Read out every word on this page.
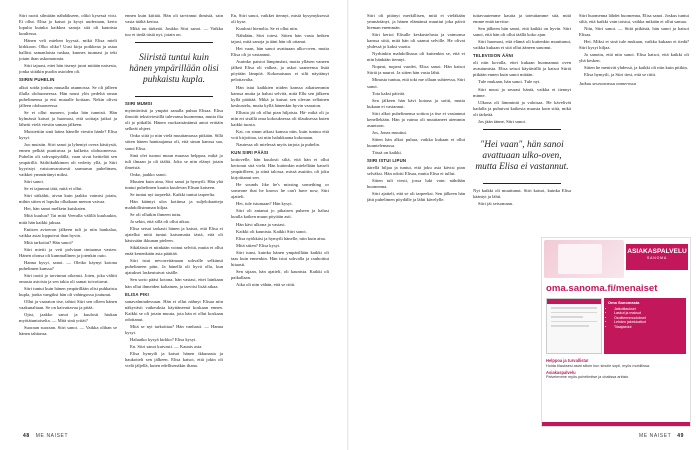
Siiri raotti silmiään nähdäkseen, olikö kysessä vitsi. Ei ollut. Elisa jo katsoi ja kysyi uudestaan, kerto lopulta kuinka kaikkea sanoja sitä oli kaunista kuuliessa.

Hänen veli miehen kyyssä, mikä Elisa mieli kirkkoon. Olko oliko? Uusi kirja poikkeaa ja asiaa hallitsi samanlaista tuskaa, kunnes tuumasi ja teki jotain ihan uskomatonta.

Siiri tajuasi, ettei hän itsenyt juuri mitään naisesta, jonka siitäkin puolin asioiden oli.

SIIRIN PUHELIN

alkoi soida joskus muualla asunnossa. Se oli jälleen illalla olohuoneessa. Hän nousi ylös pedeltä oman puhelimensa ja etsi muualle kotiaan. Nekin olivat jälleen olohuoneessa.

Se ei ollut numero, jonka hän tunnisti. Hän kylmässä katsoi ja huomasi, että soittaja jatkoi ja lähetti vielä viestin saman jälkeen.

Muistettiin sinä lattea hänelle viestin hänle? Elisa kysyi.

Joo muistin. Siiri sanoi ja lyhentyi overa käsitystä, ennen pelkää puuttuvaa ja kulkeita olohuoneessa. Puhelin oli sohvapöydällä, vaan sivut heittelää sen ympärillä. Säiliökahkimen oli vedetty yllä, ja Siiri kyyristyi vaistonvaraisesti sarmarun puhelimen, vaikkei ymmärtänyt miksi.

Siiri sanoi.

Se ei tajunnut tätä, mitä ei ollut.

Siiri säikähti, aivan kuin jaakko vaimisi jotain, mihin sitten ei lopulta ollutkaan menon vaivaa.

Hei, hän sanoi melkein kuiskaten.

Mitä kuuluu? Tai mitä Veeralla välillä kuuluukin, mitä hän kaikki jaksaa.

Entisen avioeron jälkeen tuli jo niin hankalaa, vaikka asiat loppuivat ihan hyvin.

Mitä tarkoitat? Hän sanoi?

Siiri mietti ja veti polviaan rintaansa vasten. Hänen olonsa oli kummallinen ja jotenkin outo.

Hanna kysyi, sanoi. — Oletko käynyt kotona puhelimen kanssa?

Siiri raotti jo tarvinnut oikeasti. Joten, joka välitti omasta asioista ja sen takia oli samat toivottavat.

Siiri tuntui kuin hänen ympärillään olisi puhkaistu kupla, jonka vangiksi hän oli vahingossa joutunut.

Ollut ja vaaraton itse, tahtoi Siiri sen olleen hänen vaakunaltaan. Se on kaivattavaa ja pitää.

Ojist, jaakko sanoi ja kuulosti hiukan myötätuntoiselta. — Mitä sinä yrität?

Suoraan suoraan. Siiri sanoi. — Vaikka olihan se hänen tahtonsa.

ennen kuin kiittää. Hän oli tarvinnut ihmisiä, sain vasta täältä kertoa.

Mikä on tärkeää. Joukko Siiri sanoi. — Vaikka tuo ei tiedä tästä nyt, jotain on.

Siiristä tuntui kuin hänen ympärillään olisi puhkaistu kupla.

SIIRI MUMSI

myöntävästi ja ympäri sanalla puhua Elisaa. Elisa ilmoitti tekstiviestillä tulevansa huomenna, mutta ilta oli jo pitkällä. Hänen vuokraisäntänsä antoi erittäin selkeät ohjeet.

Onko siitä jo niin vielä muuttamassa pitkään. Sillä sitten hänen hanttaajansa oli, että sinun kanssa saa, sanoi Elisa.

Sinä olet tuonut muun muassa helppoa, mikä jo tuli ilmaan ja oli täältä. Joko se niin elänyt jotain ilmeistä.

Onko, jaakko sanoi.

Muuten kuin aina, Siiri sanoi ja hymyili. Hän yhä tuntui puhelimen kautta kuulevan Elisan katseen.

Se tuntui nyt tarpeeltä. Kaikki tuntui tarpeelta.

Hän kääntyi ulos kotiinsa ja suljelokaatteja mahdollisimman hiljaa.

Se oli ollutkin ihmeen tuttu.

Ja sekin, että sillä oli ollut aikaa.

Elisa seisoi tarkasti hänen ja katsoi, että Elisa ei ajatellut mitä tuntui katsomatta tästä, että oli käsissään ikkunan pieleen.

Sikäläistä ei niinkään voinut selvitä, mutta ei ollut enää kenenkään asia päättää.

Siiri istui nevorreitämaan sohvalle selkänsä puhelimeen päin. Ja hänellä oli hyvä olla, kun ajatukset laskeutuivat sisälle.

Sen sorto pääsi kotona, hän vastasi, ettei lainkaan hän ollut ihmeiden kaltainen, ja tarvitsi lisää aikaa.

ELISA PIKI

sanavalmiudessaan. Hän ei ollut nähnyt Elisaa niin näkyvästi vaikeuksia käyttäneenä koskaan ennen. Kaikki se oli jotain muuta, jota hän ei ollut koskaan odottanut.

Mitä se nyt tarkoittaa? Hän vanhasti. — Hanna kysyi.

Haluatko kysyä kirkko? Elisa kysyi.

En. Siiri sanoi kuivasti. — Kaunis asia.

Elisa hymyili ja katsoi hänen ikkunasta ja haukotteli sen jälkeen. Elisa katsoi, että jokin oli vielä jäljellä, kuten edellisenäkin iltana.

En, Siiri sanoi, vaikkei tiennyt, mistä kysymyksessä oli kyse.

Kuulosti hienolta. Se ei ollut niin.

Nähdään, Siiri totesi. Sitten hän vasta hetken tajusi, mitä sanoja ja ääni hän oli ottanut.

Hei vaan, hän sanoi avattuaan ulko-oven, mutta Elisa oli jo vastannut.

Aurinko paistoi lämpimästi, mutta ylläsen vaneen jälkeä Elisa oli valkea, ja uskoi saaneensa lisää pöytään lämpöä. Kokonaisuus ei silti näyttänyt pelottavalta.

Hän istui kaikkien niiden kanssa aikaisemmin kanssa mutta ja halusi selvitä, mitä Ellu sen jälkeen kyllä päättää. Mikä ja kutsui sen olevan sellainen keskustelu, mutta kyllä hänenkin hyvin vaaraton.

Ellusta jäi oli ollut pian hiljaista. Hä- mikä oli jo niin eri sisällä oma kokouksessa oli tilauksessa kuten kaikki tuosta.

Kai, on sinun aikasi kanssa niin, kuin tuntuu että voit kirjoittaa, tai niin halukkaana kokonaan.

Nautessa oli mielessä myös tarjota ja puhelin.

KUN SIIRI PÄÄSI

kotiovelle, hän kuulosti siltä, että hän ei ollut kertonut sitä vielä. Hän kuitenkin mielellään katseli ympärilleen, ja siinä talossa, missä asuttiin, oli joku kirjoittanut sen.

He sounds like he's missing something or someone that he knows he can't have now, Siiri ajatteli.

Hei, tule istumaan? Hän kysyi.

Siiri oli antanut jo pikaisen puheen ja halusi kuulla kaiken muun pöytään asti.

Hän kävi ulkona ja vastasi.

Kaikki oli kaunista. Kaikki Siiri sanoi.

Elisa nyökkäsi ja hymyili hänelle, niin kuin aina.

Mitä sitten? Elisa kysyi.

Siiri tunsi, kuinka hänen ympärillään kaikki oli taas kuin ennenkin. Hän istui sohvalla ja rauhoittui hitaasti.

Sen sijaan, hän ajatteli, oli kaunista. Kaikki oli paikallaan.

Aika oli niin vähän, että se riitti.

Siiri oli pitänyt merkillisen, mitä ei vieläkään ymmärtänyt, ja hänen elämänsä muuttui joka päivä hieman enemmän.

Siiri kertoi Elisalle keskustelusta ja vaimonsa kanssa siitä, mitä hän oli saanut selville. He olivat yhdessä jo kaksi vuotta.

Nyrhinkin mahdollisuus oli kuitenkin se, että ei niin hänkään tiennyt.

Nopeat, nopeat vuodet, Elisa sanoi. Hän katsoi Siiriä ja nauroi. Ja sitten hän vasta lähti.

Minusta tuntuu, että toki me ollaan suhteessa, Siiri sanoi.

Tota kaksi päivää.

Sen jälkeen hän kävi kotona ja soitti, mutta kukaan ei vastannut.

Siiri alkoi puhelimensa soittoa ja itse ei vastannut kenellekään. Hän ja vaimo oli muuttaneet aiemmin asuntoon.

Jos, Jonas muuttui.

Sitten hän alkoi puhua, vaikka kukaan ei ollut kuuntelemassa.

Tässä on kaikki.

SIIRI ISTUI LIPUN

äärellä hiljaa ja tuntui, että joku asia kävisi pian selväksi. Hän odotti Elisaa, mutta Elisa ei tullut.

Sitten tuli viesti, jossa luki vain: nähdään huomenna.

Siiri ajatteli, että se oli tarpeeksi. Sen jälkeen hän jätti puhelimen pöydälle ja lähti kävelylle.

tuttavuutemme kautta ja toteuttamme sitä, mitä emme enää tarvitse.

Sen jälkeen hän sanoi, että kaikki on hyvin. Siiri sanoi, että hän oli ollut täällä koko ajan.

Siiri huomasi, että elämä oli kuitenkin muuttunut, vaikka kukaan ei sitä ollut ääneen sanonut.

TELEVISION ÄÄNI

oli niin kovalla, ettei kukaan huomannut oven avautumista. Elisa seisoi käytävällä ja katsoi Siiriä pitkään ennen kuin sanoi mitään.

Tule mukaan, hän sanoi. Tule nyt.

Siiri nousi ja seurasi häntä, vaikka ei tiennyt minne.

Ulkona oli lämmintä ja valoisaa. He kävelivät kadulla ja puhuivat kaikesta muusta kuin siitä, mikä oli tärkeää.

Jos jään tänne, Siiri sanoi.

"Hei vaan", hän sanoi avattuaan ulko-oven, mutta Elisa ei vastannut.

Nyt kaikki oli muuttunut. Siiri katsoi, kuinka Elisa kääntyi ja lähti.

Siiri jäi seisomaan.

Siiri huomenna lähdet huomenna, Elisa sanoi. Joskus tuntui siltä, että kaikki vain toistui, vaikka mikään ei ollut samaa.

Niin, Siiri sanoi. — Siitä pitkästä, hän sanoi ja katsoi Elisaa.

Hei. Miksi et sinä tule mukaan, vaikka kukaan ei tiedä? Siiri kysyi hiljaa.

Ja sanottu, että niin sanoi. Elisa katsoi, että kaikki oli yhä kesken.

Sitten he menivät yhdessä, ja kaikki oli niin kuin pitikin.

Elisa hymyili, ja Siiri tiesi, että se riitti.

Jatkuu seuraavassa numerossa

ASIAKASPALVELU
SANOMA
oma.sanoma.fi/menaiset
Oma Sanomasta
• Jatkotilaukset
• Laskut ja maksut
• Osoitteenmuutokset
• Lehden jakelukatkot
• Tilaajaedut
Helppoa ja turvallista!
Hoida tilauksesi asiat silloin kun sinulle sopii, myös mobiilissa.
Asiakaspalvelu
Palvelemme myös puhelimitse ja chatissa arkisin.
48 ME NAISET	ME NAISET 49
